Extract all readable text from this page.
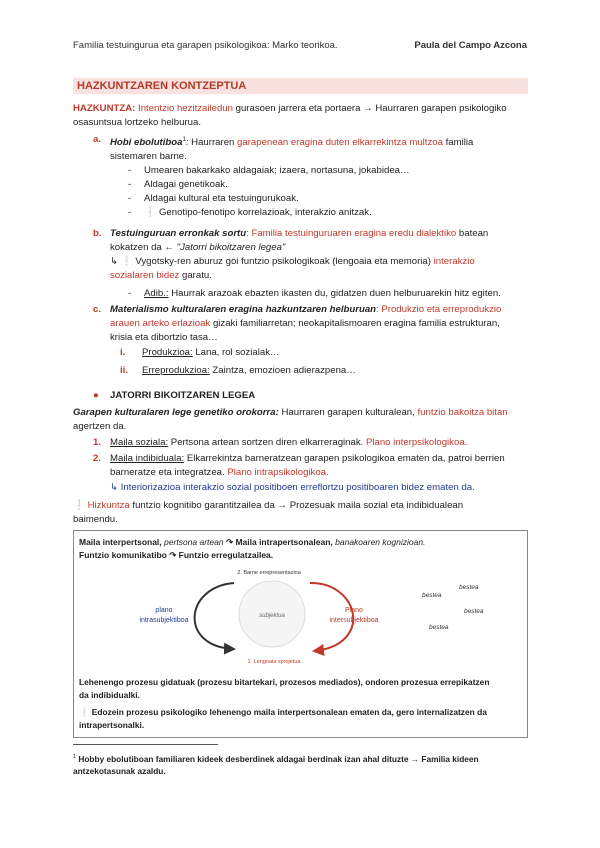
Familia testuingurua eta garapen psikologikoa: Marko teorikoa.	Paula del Campo Azcona
HAZKUNTZAREN KONTZEPTUA
HAZKUNTZA: Intentzio hezitzailedun gurasoen jarrera eta portaera → Haurraren garapen psikologiko
osasuntsua lortzeko helburua.
a. Hobi ebolutiboa$^1$: Haurraren garapenean eragina duten elkarrekintza multzoa familia
sistemaren barne.
- Umearen bakarkako aldagaiak; izaera, nortasuna, jokabidea…
- Aldagai genetikoak.
- Aldagai kultural eta testuingurukoak.
- ❕ Genotipo-fenotipo korrelazioak, interakzio anitzak.
b. Testuinguruan erronkak sortu: Familia testuinguruaren eragina eredu dialektiko batean
kokatzen da ← "Jatorri bikoitzaren legea"
↳ ❕ Vygotsky-ren aburuz goi funtzio psikologikoak (lengoaia eta memoria) interakzio
sozialaren bidez garatu.
- Adib.: Haurrak arazoak ebazten ikasten du, gidatzen duen helburuarekin hitz egiten.
c. Materialismo kulturalaren eragina hazkuntzaren helburuan: Produkzio eta erreprodukzio
arauen arteko erlazioak gizaki familiarretan; neokapitalismoaren eragina familia estrukturan,
krisia eta dibortzio tasa…
i. Produkzioa: Lana, rol sozialak…
ii. Erreprodukzioa: Zaintza, emozioen adierazpena…
● JATORRI BIKOITZAREN LEGEA
Garapen kulturalaren lege genetiko orokorra: Haurraren garapen kulturalean, funtzio bakoitza bitan
agertzen da.
1. Maila soziala: Pertsona artean sortzen diren elkarreraginak. Plano interpsikologikoa.
2. Maila indibiduala: Elkarrekintza barneratzean garapen psikologikoa ematen da, patroi berrien
barneratze eta integratzea. Plano intrapsikologikoa.
↳ Interiorizazioa interakzio sozial positiboen erreflortzu positiboaren bidez ematen da.
❕ Hizkuntza funtzio kognitibo garantitzailea da → Prozesuak maila sozial eta indibidualean
baimendu.
Maila interpertsonal, pertsona artean ↷ Maila intrapertsonalean, banakoaren kognizioan.
Funtzio komunikatibo ↷ Funtzio erregulatzailea.
subjektua
2. Barne errepresentazioa
1. Lengoaia sprojetua
plano
intrasubjektiboa
Plano
intersubjektiboa
bestea
bestea
bestea
bestea
Lehenengo prozesu gidatuak (prozesu bitartekari, prozesos mediados), ondoren prozesua errepikatzen
da indibidualki.
❕ Edozein prozesu psikologiko lehenengo maila interpertsonalean ematen da, gero internalizatzen da
intrapertsonalki.
$^1$ Hobby ebolutiboan familiaren kideek desberdinek aldagai berdinak izan ahal dituzte → Familia kideen
antzekotasunak azaldu.
